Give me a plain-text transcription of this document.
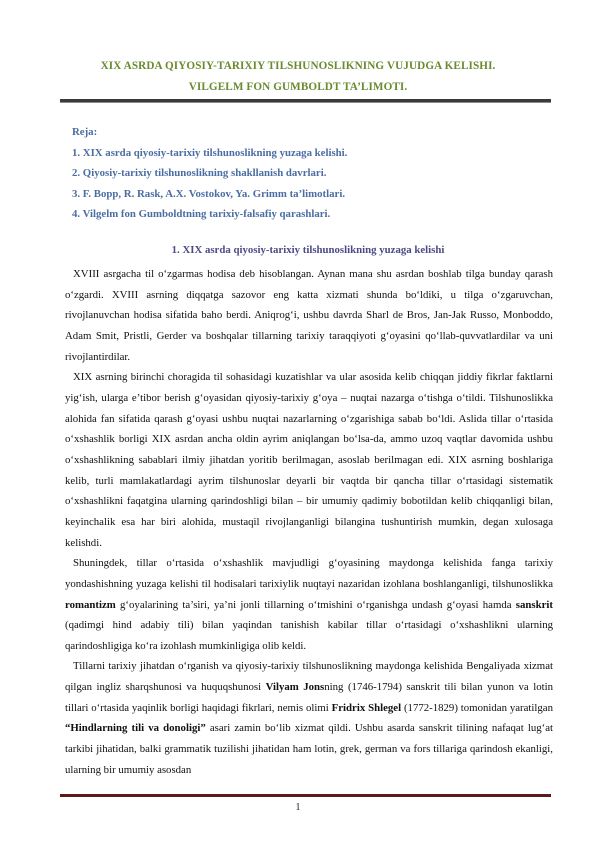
XIX ASRDA QIYOSIY-TARIXIY TILSHUNOSLIKNING VUJUDGA KELISHI.
VILGELM FON GUMBOLDT TA’LIMOTI.
Reja:
1. XIX asrda qiyosiy-tarixiy tilshunoslikning yuzaga kelishi.
2. Qiyosiy-tarixiy tilshunoslikning shakllanish davrlari.
3. F. Bopp, R. Rask, A.X. Vostokov, Ya. Grimm ta’limotlari.
4. Vilgelm fon Gumboldtning tarixiy-falsafiy qarashlari.
1. XIX asrda qiyosiy-tarixiy tilshunoslikning yuzaga kelishi

XVIII asrgacha til o‘zgarmas hodisa deb hisoblangan. Aynan mana shu asrdan boshlab tilga bunday qarash o‘zgardi. XVIII asrning diqqatga sazovor eng katta xizmati shunda bo‘ldiki, u tilga o‘zgaruvchan, rivojlanuvchan hodisa sifatida baho berdi. Aniqrog‘i, ushbu davrda Sharl de Bros, Jan-Jak Russo, Monboddo, Adam Smit, Pristli, Gerder va boshqalar tillarning tarixiy taraqqiyoti g‘oyasini qo‘llab-quvvatlardilar va uni rivojlantirdilar.

XIX asrning birinchi choragida til sohasidagi kuzatishlar va ular asosida kelib chiqqan jiddiy fikrlar faktlarni yig‘ish, ularga e’tibor berish g‘oyasidan qiyosiy-tarixiy g‘oya – nuqtai nazarga o‘tishga o‘tildi. Tilshunoslikka alohida fan sifatida qarash g‘oyasi ushbu nuqtai nazarlarning o‘zgarishiga sabab bo‘ldi. Aslida tillar o‘rtasida o‘xshashlik borligi XIX asrdan ancha oldin ayrim aniqlangan bo‘lsa-da, ammo uzoq vaqtlar davomida ushbu o‘xshashlikning sabablari ilmiy jihatdan yoritib berilmagan, asoslab berilmagan edi. XIX asrning boshlariga kelib, turli mamlakatlardagi ayrim tilshunoslar deyarli bir vaqtda bir qancha tillar o‘rtasidagi sistematik o‘xshashlikni faqatgina ularning qarindoshligi bilan – bir umumiy qadimiy bobotildan kelib chiqqanligi bilan, keyinchalik esa har biri alohida, mustaqil rivojlanganligi bilangina tushuntirish mumkin, degan xulosaga kelishdi.

Shuningdek, tillar o‘rtasida o‘xshashlik mavjudligi g‘oyasining maydonga kelishida fanga tarixiy yondashishning yuzaga kelishi til hodisalari tarixiylik nuqtayi nazaridan izohlana boshlanganligi, tilshunoslikka romantizm g‘oyalarining ta’siri, ya’ni jonli tillarning o‘tmishini o‘rganishga undash g‘oyasi hamda sanskrit (qadimgi hind adabiy tili) bilan yaqindan tanishish kabilar tillar o‘rtasidagi o‘xshashlikni ularning qarindoshligiga ko‘ra izohlash mumkinligiga olib keldi.

Tillarni tarixiy jihatdan o‘rganish va qiyosiy-tarixiy tilshunoslikning maydonga kelishida Bengaliyada xizmat qilgan ingliz sharqshunosi va huquqshunosi Vilyam Jonsning (1746-1794) sanskrit tili bilan yunon va lotin tillari o‘rtasida yaqinlik borligi haqidagi fikrlari, nemis olimi Fridrix Shlegel (1772-1829) tomonidan yaratilgan “Hindlarning tili va donoligi” asari zamin bo‘lib xizmat qildi. Ushbu asarda sanskrit tilining nafaqat lug‘at tarkibi jihatidan, balki grammatik tuzilishi jihatidan ham lotin, grek, german va fors tillariga qarindosh ekanligi, ularning bir umumiy asosdan

1
